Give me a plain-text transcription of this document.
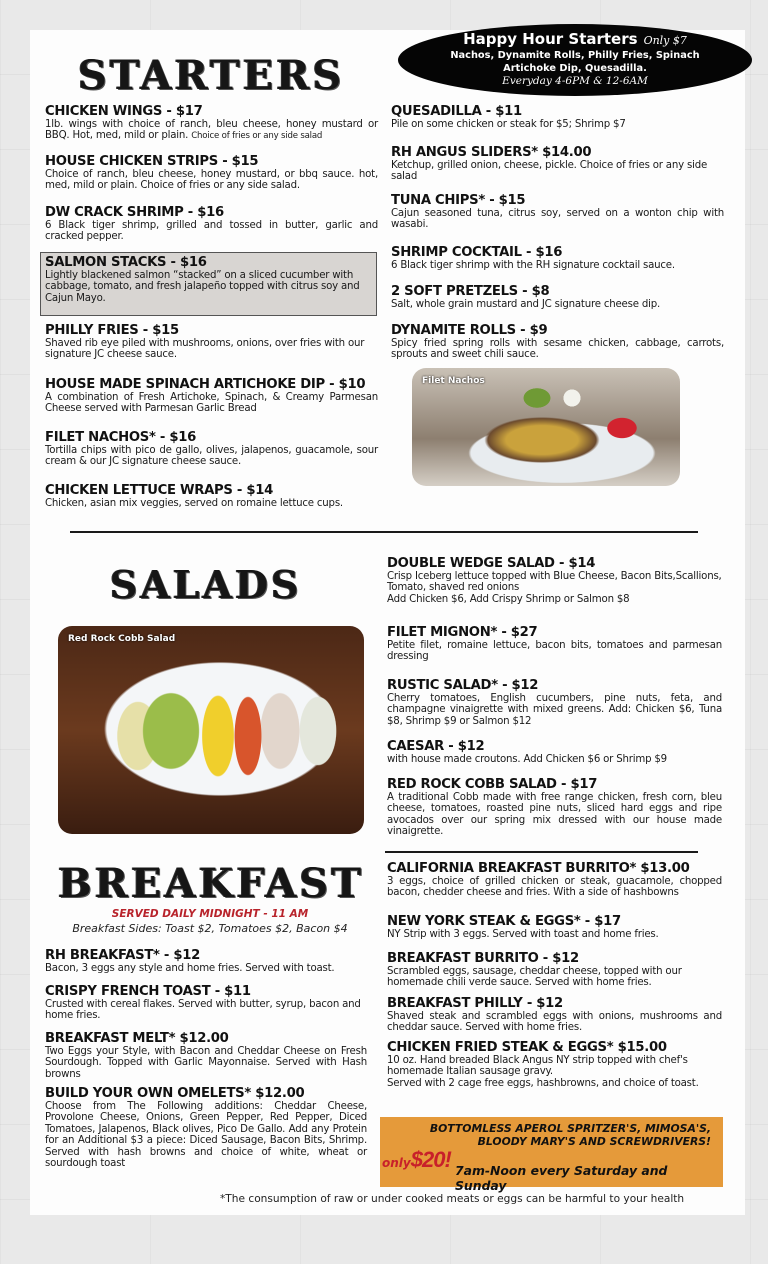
STARTERS
Happy Hour Starters Only $7
Nachos, Dynamite Rolls, Philly Fries, Spinach
Artichoke Dip, Quesadilla.
Everyday 4-6PM & 12-6AM
CHICKEN WINGS - $17
1lb. wings with choice of ranch, bleu cheese, honey mustard or BBQ. Hot, med, mild or plain. Choice of fries or any side salad
HOUSE CHICKEN STRIPS - $15
Choice of ranch, bleu cheese, honey mustard, or bbq sauce. hot, med, mild or plain. Choice of fries or any side salad.
DW CRACK SHRIMP - $16
6 Black tiger shrimp, grilled and tossed in butter, garlic and cracked pepper.
SALMON STACKS - $16
Lightly blackened salmon “stacked” on a sliced cucumber with cabbage, tomato, and fresh jalapeño topped with citrus soy and Cajun Mayo.
PHILLY FRIES - $15
Shaved rib eye piled with mushrooms, onions, over fries with our signature JC cheese sauce.
HOUSE MADE SPINACH ARTICHOKE DIP - $10
A combination of Fresh Artichoke, Spinach, & Creamy Parmesan Cheese served with Parmesan Garlic Bread
FILET NACHOS* - $16
Tortilla chips with pico de gallo, olives, jalapenos, guacamole, sour cream & our JC signature cheese sauce.
CHICKEN LETTUCE WRAPS - $14
Chicken, asian mix veggies, served on romaine lettuce cups.
QUESADILLA - $11
Pile on some chicken or steak for $5; Shrimp $7
RH ANGUS SLIDERS* $14.00
Ketchup, grilled onion, cheese, pickle. Choice of fries or any side salad
TUNA CHIPS* - $15
Cajun seasoned tuna, citrus soy, served on a wonton chip with wasabi.
SHRIMP COCKTAIL - $16
6 Black tiger shrimp with the RH signature cocktail sauce.
2 SOFT PRETZELS - $8
Salt, whole grain mustard and JC signature cheese dip.
DYNAMITE ROLLS - $9
Spicy fried spring rolls with sesame chicken, cabbage, carrots, sprouts and sweet chili sauce.
Filet Nachos
SALADS
Red Rock Cobb Salad
DOUBLE WEDGE SALAD - $14
Crisp Iceberg lettuce topped with Blue Cheese, Bacon Bits,Scallions, Tomato, shaved red onions
Add Chicken $6, Add Crispy Shrimp or Salmon $8
FILET MIGNON* - $27
Petite filet, romaine lettuce, bacon bits, tomatoes and parmesan dressing
RUSTIC SALAD* - $12
Cherry tomatoes, English cucumbers, pine nuts, feta, and champagne vinaigrette with mixed greens. Add: Chicken $6, Tuna $8, Shrimp $9 or Salmon $12
CAESAR - $12
with house made croutons. Add Chicken $6 or Shrimp $9
RED ROCK COBB SALAD - $17
A traditional Cobb made with free range chicken, fresh corn, bleu cheese, tomatoes, roasted pine nuts, sliced hard eggs and ripe avocados over our spring mix dressed with our house made vinaigrette.
BREAKFAST
SERVED DAILY MIDNIGHT - 11 AM
Breakfast Sides: Toast $2, Tomatoes $2, Bacon $4
RH BREAKFAST* - $12
Bacon, 3 eggs any style and home fries. Served with toast.
CRISPY FRENCH TOAST - $11
Crusted with cereal flakes. Served with butter, syrup, bacon and home fries.
BREAKFAST MELT* $12.00
Two Eggs your Style, with Bacon and Cheddar Cheese on Fresh Sourdough. Topped with Garlic Mayonnaise. Served with Hash browns
BUILD YOUR OWN OMELETS* $12.00
Choose from The Following additions: Cheddar Cheese, Provolone Cheese, Onions, Green Pepper, Red Pepper, Diced Tomatoes, Jalapenos, Black olives, Pico De Gallo. Add any Protein for an Additional $3 a piece: Diced Sausage, Bacon Bits, Shrimp. Served with hash browns and choice of white, wheat or sourdough toast
CALIFORNIA BREAKFAST BURRITO* $13.00
3 eggs, choice of grilled chicken or steak, guacamole, chopped bacon, chedder cheese and fries. With a side of hashbowns
NEW YORK STEAK & EGGS* - $17
NY Strip with 3 eggs. Served with toast and home fries.
BREAKFAST BURRITO - $12
Scrambled eggs, sausage, cheddar cheese, topped with our homemade chili verde sauce. Served with home fries.
BREAKFAST PHILLY - $12
Shaved steak and scrambled eggs with onions, mushrooms and cheddar sauce. Served with home fries.
CHICKEN FRIED STEAK & EGGS* $15.00
10 oz. Hand breaded Black Angus NY strip topped with chef's homemade Italian sausage gravy.
Served with 2 cage free eggs, hashbrowns, and choice of toast.
BOTTOMLESS APEROL SPRITZER'S, MIMOSA'S,
BLOODY MARY'S AND SCREWDRIVERS!
only$20! 7am-Noon every Saturday and Sunday
*The consumption of raw or under cooked meats or eggs can be harmful to your health
